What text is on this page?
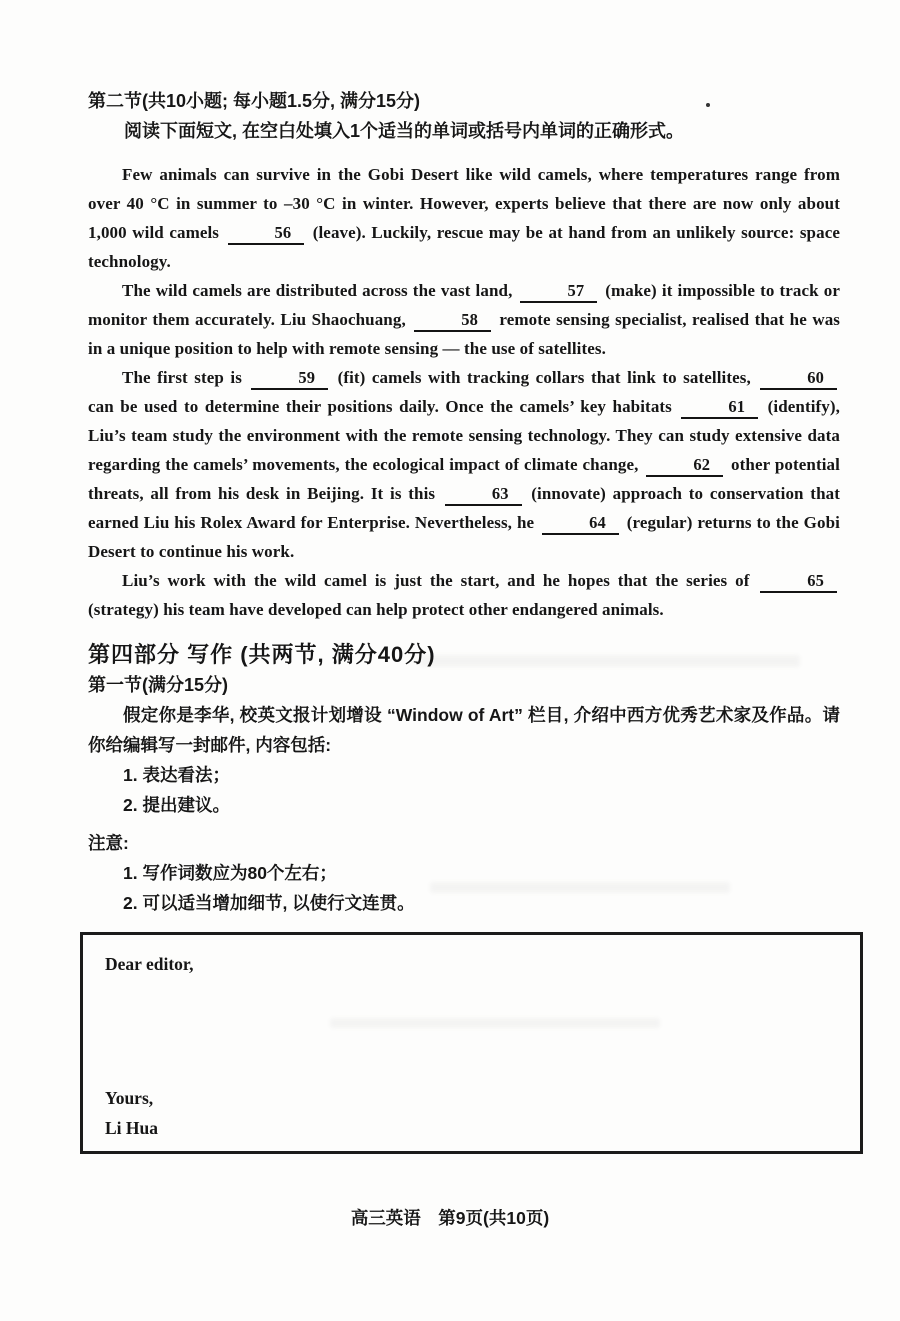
第二节(共10小题; 每小题1.5分, 满分15分)

阅读下面短文, 在空白处填入1个适当的单词或括号内单词的正确形式。

Few animals can survive in the Gobi Desert like wild camels, where temperatures range from over 40 °C in summer to –30 °C in winter. However, experts believe that there are now only about 1,000 wild camels	56 (leave). Luckily, rescue may be at hand from an unlikely source: space technology.

The wild camels are distributed across the vast land,	57 (make) it impossible to track or monitor them accurately. Liu Shaochuang,	58 remote sensing specialist, realised that he was in a unique position to help with remote sensing — the use of satellites.

The first step is	59 (fit) camels with tracking collars that link to satellites,	60 can be used to determine their positions daily. Once the camels’ key habitats	61 (identify), Liu’s team study the environment with the remote sensing technology. They can study extensive data regarding the camels’ movements, the ecological impact of climate change,	62 other potential threats, all from his desk in Beijing. It is this	63 (innovate) approach to conservation that earned Liu his Rolex Award for Enterprise. Nevertheless, he	64 (regular) returns to the Gobi Desert to continue his work.

Liu’s work with the wild camel is just the start, and he hopes that the series of	65 (strategy) his team have developed can help protect other endangered animals.

第四部分 写作 (共两节, 满分40分)

第一节(满分15分)

假定你是李华, 校英文报计划增设 “Window of Art” 栏目, 介绍中西方优秀艺术家及作品。请你给编辑写一封邮件, 内容包括:

1. 表达看法；

2. 提出建议。

注意:

1. 写作词数应为80个左右；

2. 可以适当增加细节, 以使行文连贯。

Dear editor,

Yours,

Li Hua

高三英语　第9页(共10页)
